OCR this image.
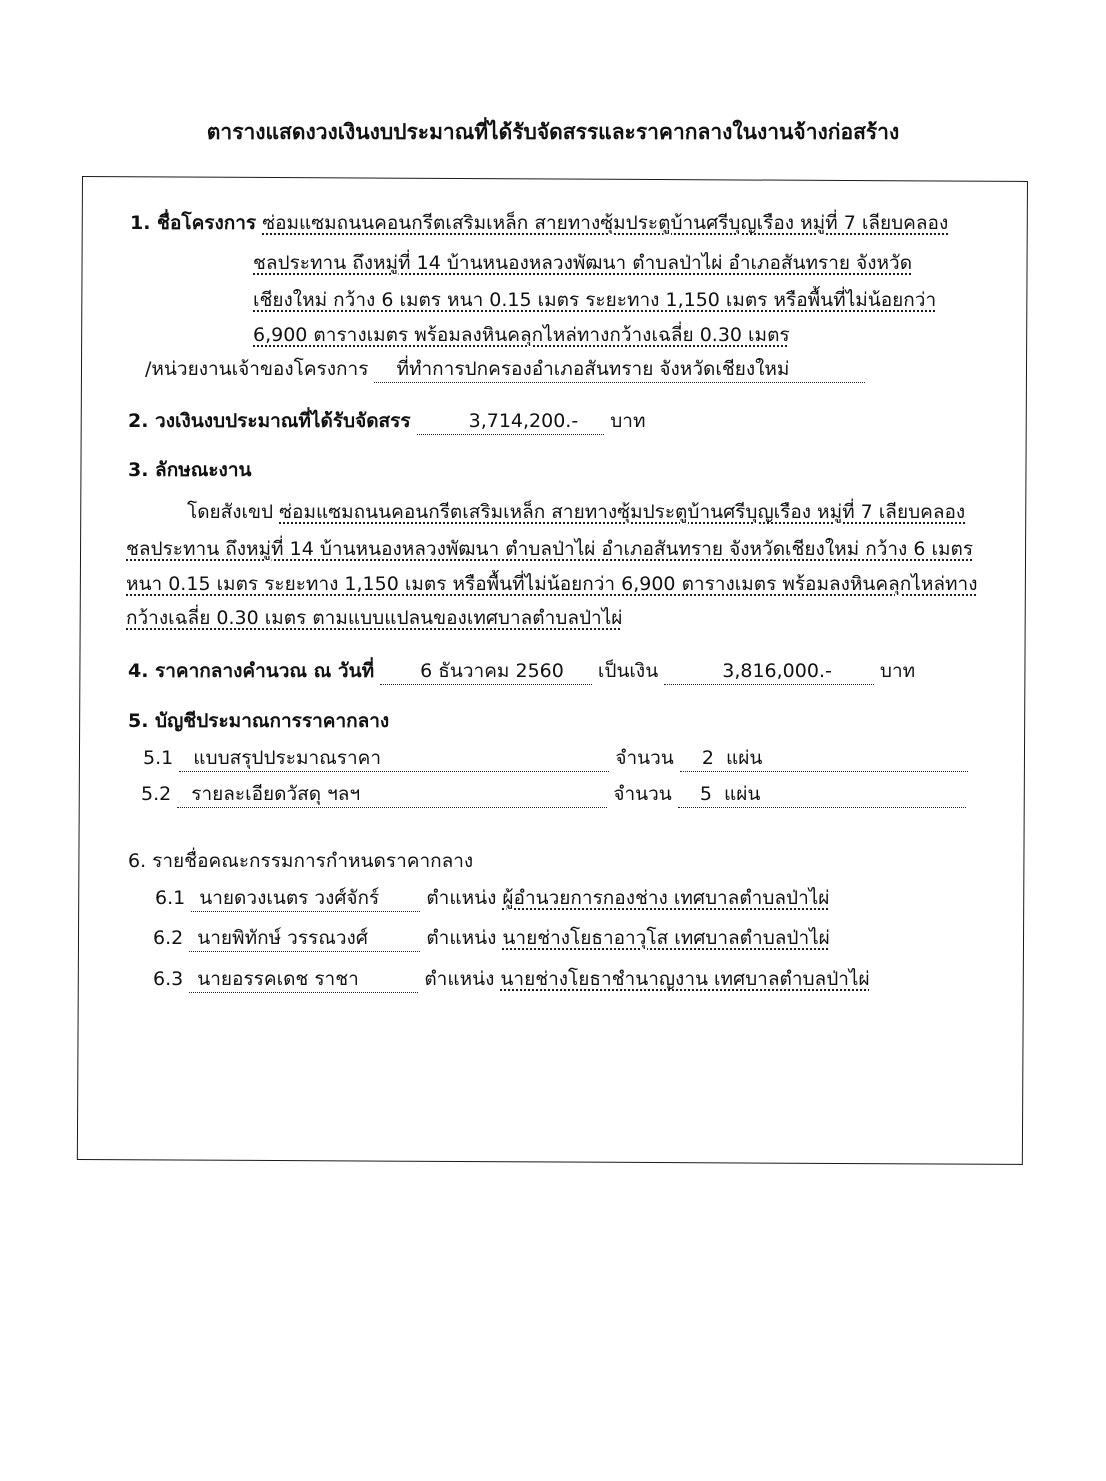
ตารางแสดงวงเงินงบประมาณที่ได้รับจัดสรรและราคากลางในงานจ้างก่อสร้าง
1. ชื่อโครงการ ซ่อมแซมถนนคอนกรีตเสริมเหล็ก สายทางซุ้มประตูบ้านศรีบุญเรือง หมู่ที่ 7 เลียบคลอง
ชลประทาน ถึงหมู่ที่ 14 บ้านหนองหลวงพัฒนา ตำบลป่าไผ่ อำเภอสันทราย จังหวัด
เชียงใหม่ กว้าง 6 เมตร หนา 0.15 เมตร ระยะทาง 1,150 เมตร หรือพื้นที่ไม่น้อยกว่า
6,900 ตารางเมตร พร้อมลงหินคลุกไหล่ทางกว้างเฉลี่ย 0.30 เมตร
/หน่วยงานเจ้าของโครงการ ที่ทำการปกครองอำเภอสันทราย จังหวัดเชียงใหม่
2. วงเงินงบประมาณที่ได้รับจัดสรร	3,714,200.- บาท
3. ลักษณะงาน
โดยสังเขป ซ่อมแซมถนนคอนกรีตเสริมเหล็ก สายทางซุ้มประตูบ้านศรีบุญเรือง หมู่ที่ 7 เลียบคลอง
ชลประทาน ถึงหมู่ที่ 14 บ้านหนองหลวงพัฒนา ตำบลป่าไผ่ อำเภอสันทราย จังหวัดเชียงใหม่ กว้าง 6 เมตร
หนา 0.15 เมตร ระยะทาง 1,150 เมตร หรือพื้นที่ไม่น้อยกว่า 6,900 ตารางเมตร พร้อมลงหินคลุกไหล่ทาง
กว้างเฉลี่ย 0.30 เมตร ตามแบบแปลนของเทศบาลตำบลป่าไผ่
4. ราคากลางคำนวณ ณ วันที่ 6 ธันวาคม 2560 เป็นเงิน	3,816,000.-	บาท
5. บัญชีประมาณการราคากลาง
5.1 แบบสรุปประมาณราคา	จำนวน 2 แผ่น
5.2 รายละเอียดวัสดุ ฯลฯ	จำนวน 5 แผ่น
6. รายชื่อคณะกรรมการกำหนดราคากลาง
6.1 นายดวงเนตร วงศ์จักร์ ตำแหน่ง ผู้อำนวยการกองช่าง เทศบาลตำบลป่าไผ่
6.2 นายพิทักษ์ วรรณวงศ์	ตำแหน่ง นายช่างโยธาอาวุโส เทศบาลตำบลป่าไผ่
6.3 นายอรรคเดช ราชา	ตำแหน่ง นายช่างโยธาชำนาญงาน เทศบาลตำบลป่าไผ่
